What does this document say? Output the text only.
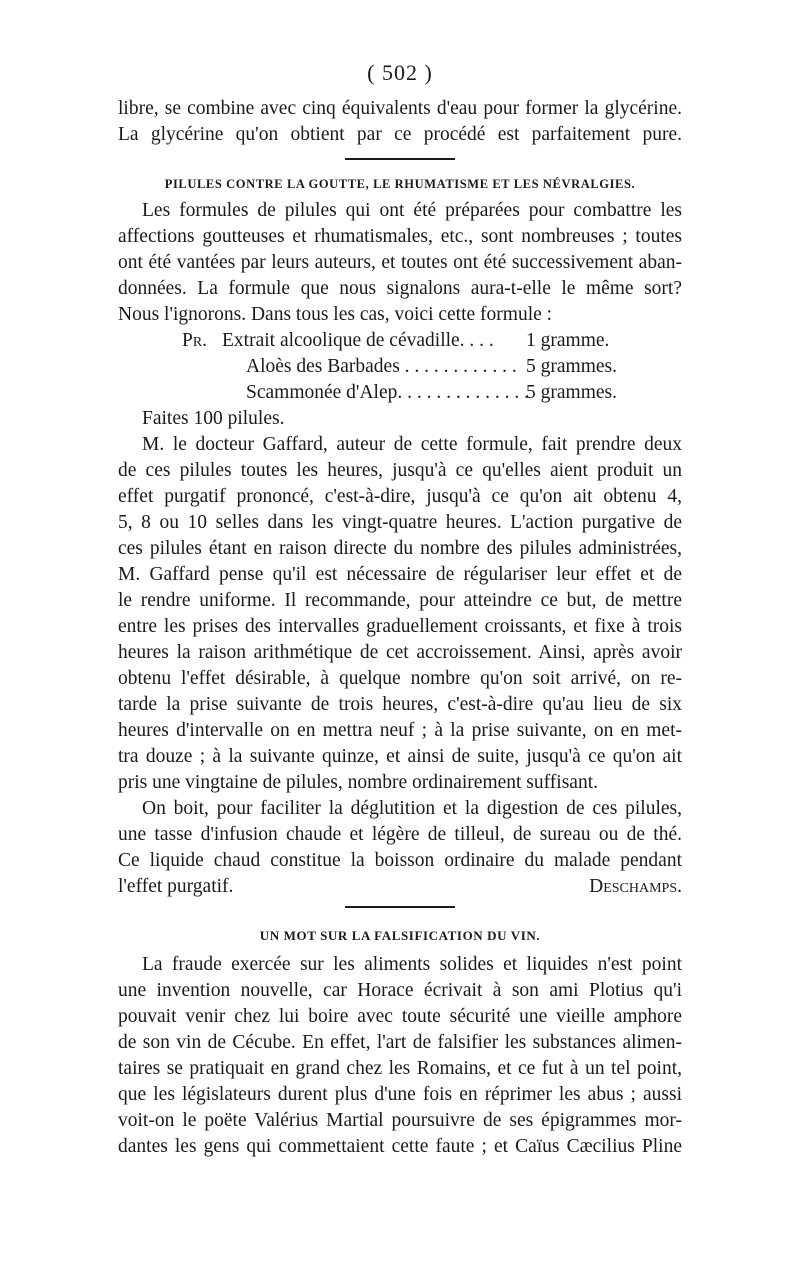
( 502 )
libre, se combine avec cinq équivalents d'eau pour former la glycérine.
La glycérine qu'on obtient par ce procédé est parfaitement pure.
PILULES CONTRE LA GOUTTE, LE RHUMATISME ET LES NÉVRALGIES.
Les formules de pilules qui ont été préparées pour combattre les
affections goutteuses et rhumatismales, etc., sont nombreuses ; toutes
ont été vantées par leurs auteurs, et toutes ont été successivement aban-
données. La formule que nous signalons aura-t-elle le même sort?
Nous l'ignorons. Dans tous les cas, voici cette formule :
Pr. Extrait alcoolique de cévadille. . . . 1 gramme.
Aloès des Barbades . . . . . . . . . . . . 5 grammes.
Scammonée d'Alep. . . . . . . . . . . . . .
5 grammes.
Faites 100 pilules.
M. le docteur Gaffard, auteur de cette formule, fait prendre deux
de ces pilules toutes les heures, jusqu'à ce qu'elles aient produit un
effet purgatif prononcé, c'est-à-dire, jusqu'à ce qu'on ait obtenu 4,
5, 8 ou 10 selles dans les vingt-quatre heures. L'action purgative de
ces pilules étant en raison directe du nombre des pilules administrées,
M. Gaffard pense qu'il est nécessaire de régulariser leur effet et de
le rendre uniforme. Il recommande, pour atteindre ce but, de mettre
entre les prises des intervalles graduellement croissants, et fixe à trois
heures la raison arithmétique de cet accroissement. Ainsi, après avoir
obtenu l'effet désirable, à quelque nombre qu'on soit arrivé, on re-
tarde la prise suivante de trois heures, c'est-à-dire qu'au lieu de six
heures d'intervalle on en mettra neuf ; à la prise suivante, on en met-
tra douze ; à la suivante quinze, et ainsi de suite, jusqu'à ce qu'on ait
pris une vingtaine de pilules, nombre ordinairement suffisant.
On boit, pour faciliter la déglutition et la digestion de ces pilules,
une tasse d'infusion chaude et légère de tilleul, de sureau ou de thé.
Ce liquide chaud constitue la boisson ordinaire du malade pendant
l'effet purgatif.	Deschamps.
UN MOT SUR LA FALSIFICATION DU VIN.
La fraude exercée sur les aliments solides et liquides n'est point
une invention nouvelle, car Horace écrivait à son ami Plotius qu'i
pouvait venir chez lui boire avec toute sécurité une vieille amphore
de son vin de Cécube. En effet, l'art de falsifier les substances alimen-
taires se pratiquait en grand chez les Romains, et ce fut à un tel point,
que les législateurs durent plus d'une fois en réprimer les abus ; aussi
voit-on le poëte Valérius Martial poursuivre de ses épigrammes mor-
dantes les gens qui commettaient cette faute ; et Caïus Cæcilius Pline
